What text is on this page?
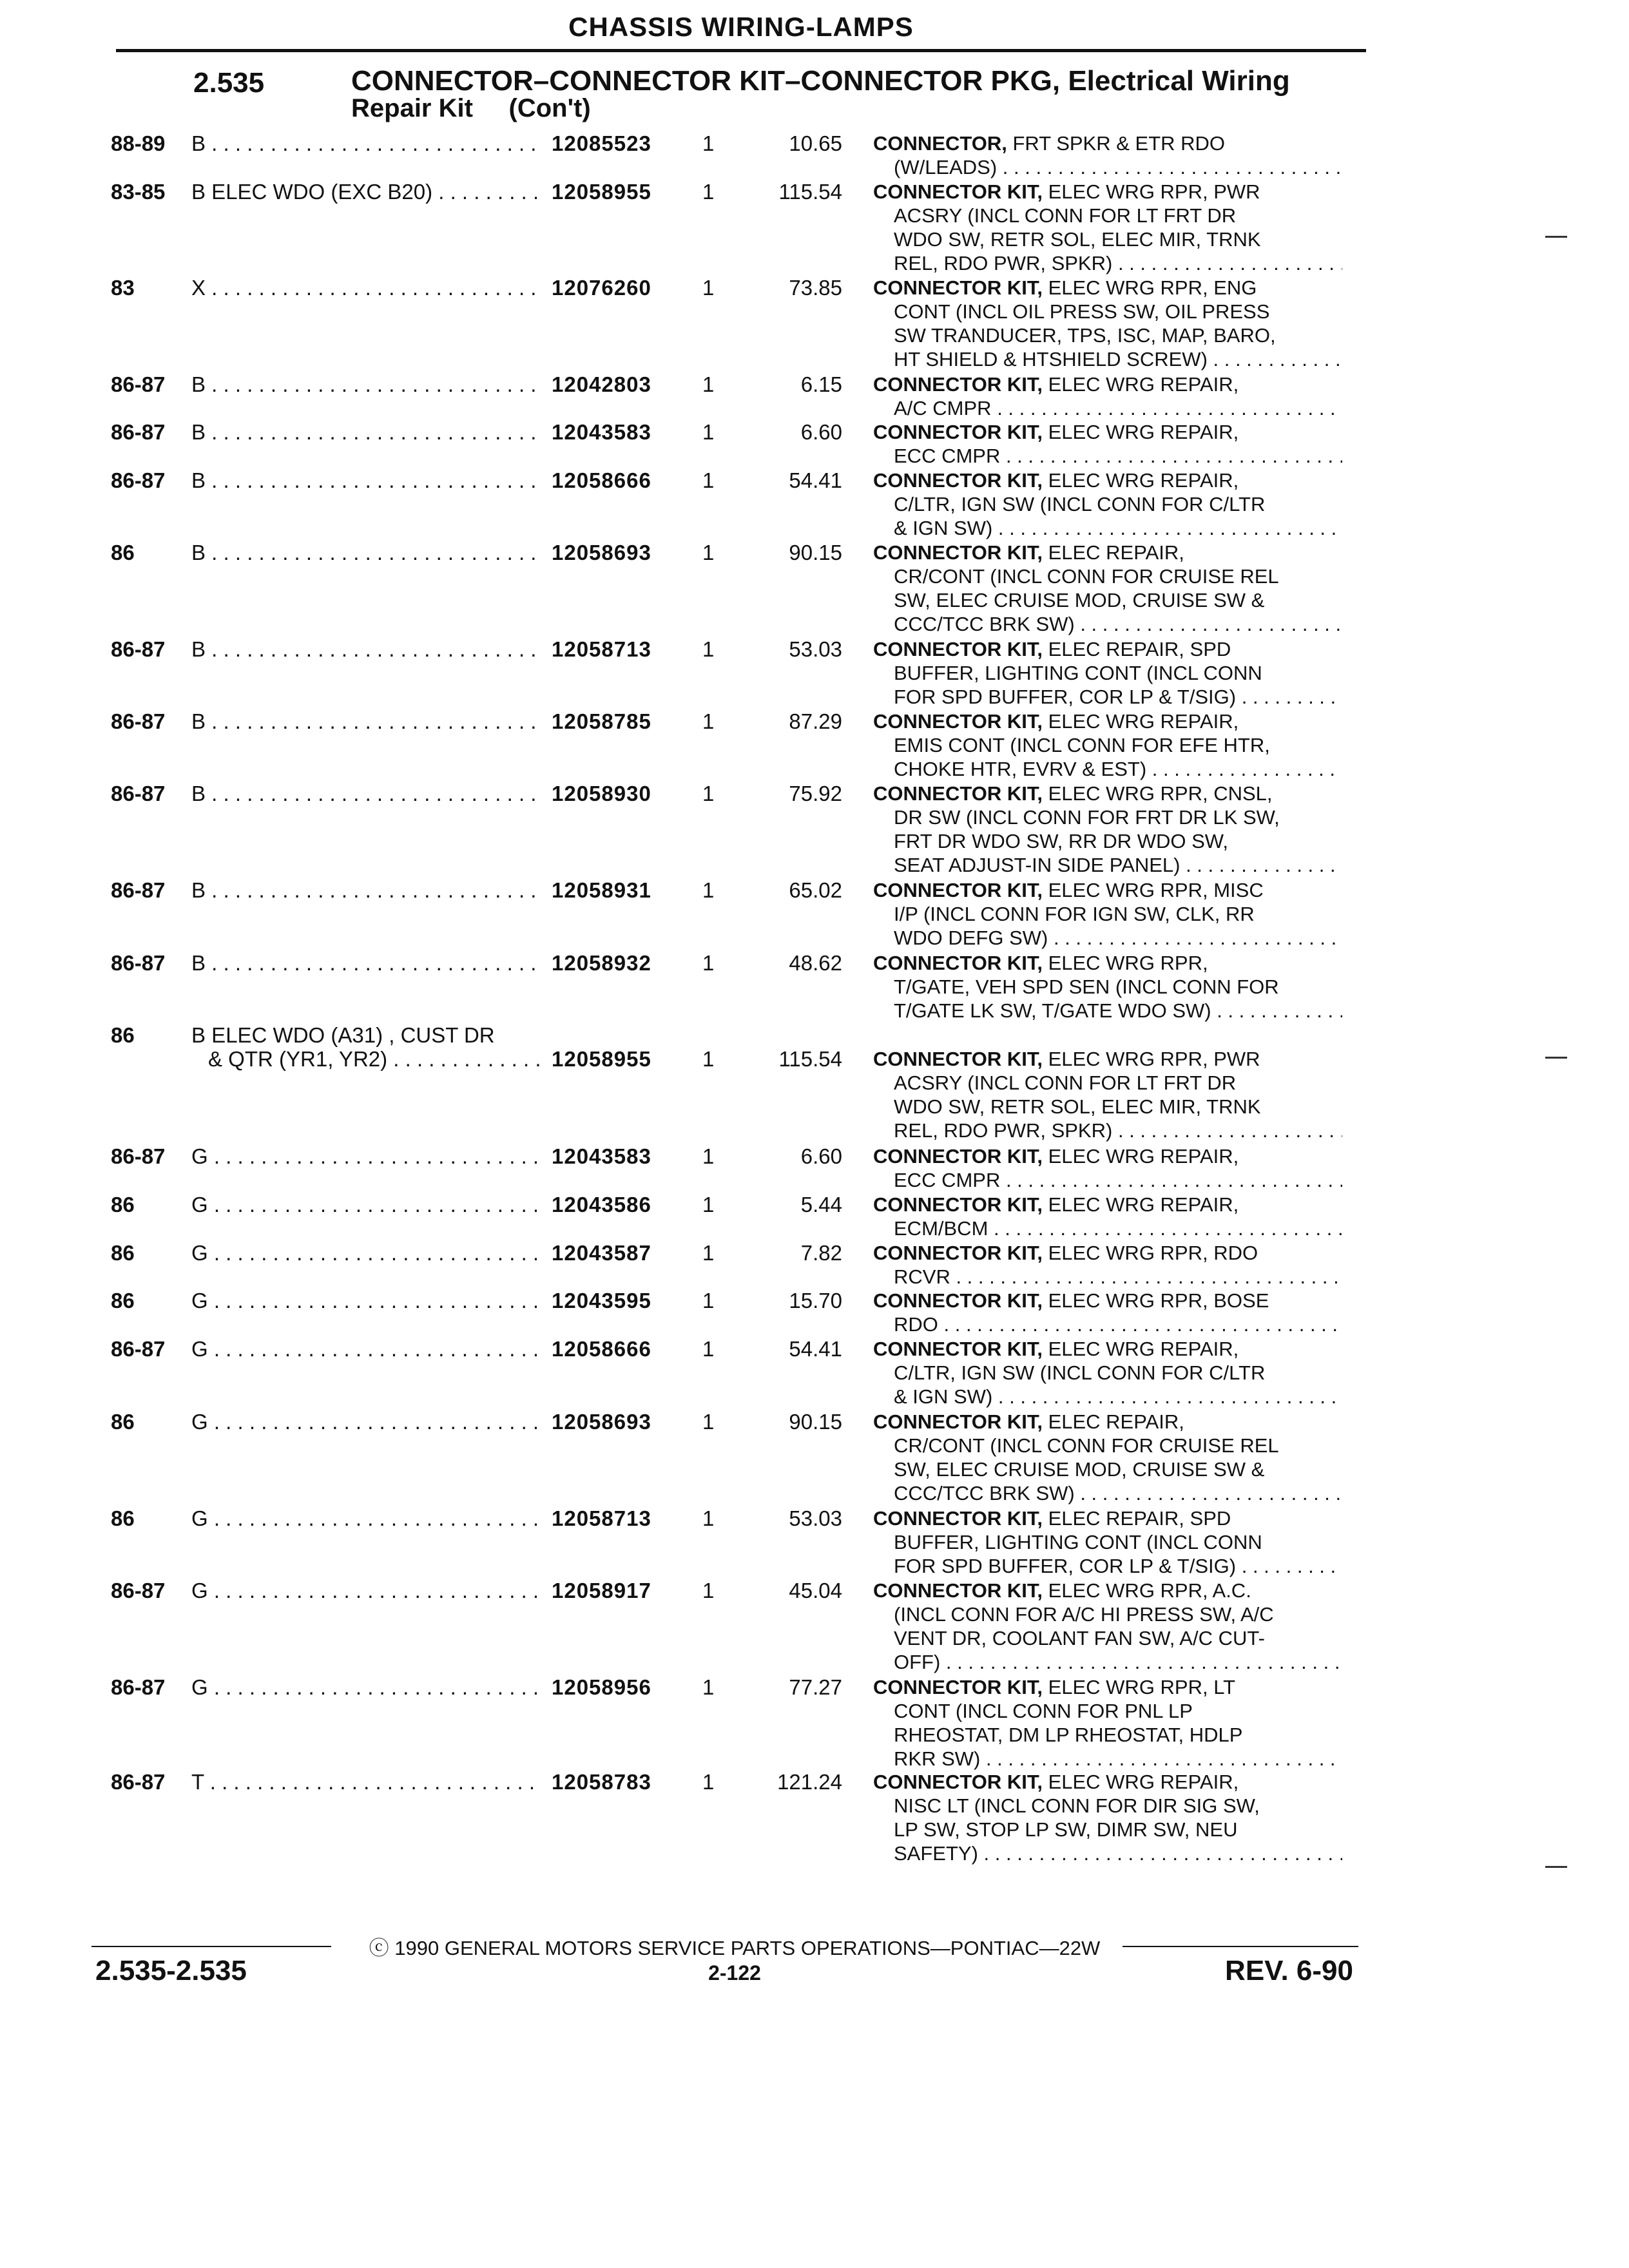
CHASSIS WIRING-LAMPS
2.535	CONNECTOR–CONNECTOR KIT–CONNECTOR PKG, Electrical Wiring
Repair Kit     (Con't)
88-89 B . . .	12085523 1	10.65 CONNECTOR, FRT SPKR & ETR RDO
(W/LEADS) . . .
83-85 B ELEC WDO (EXC B20) . . .	12058955 1	115.54 CONNECTOR KIT, ELEC WRG RPR, PWR
ACSRY (INCL CONN FOR LT FRT DR
WDO SW, RETR SOL, ELEC MIR, TRNK
REL, RDO PWR, SPKR) . . .
83	X . . .	12076260 1	73.85 CONNECTOR KIT, ELEC WRG RPR, ENG
CONT (INCL OIL PRESS SW, OIL PRESS
SW TRANDUCER, TPS, ISC, MAP, BARO,
HT SHIELD & HTSHIELD SCREW) . . .
86-87 B . . .	12042803 1	6.15 CONNECTOR KIT, ELEC WRG REPAIR,
A/C CMPR . . .
86-87 B . . .	12043583 1	6.60 CONNECTOR KIT, ELEC WRG REPAIR,
ECC CMPR . . .
86-87 B . . .	12058666 1	54.41 CONNECTOR KIT, ELEC WRG REPAIR,
C/LTR, IGN SW (INCL CONN FOR C/LTR
& IGN SW) . . .
86	B . . .	12058693 1	90.15 CONNECTOR KIT, ELEC REPAIR,
CR/CONT (INCL CONN FOR CRUISE REL
SW, ELEC CRUISE MOD, CRUISE SW &
CCC/TCC BRK SW) . . .
86-87 B . . .	12058713 1	53.03 CONNECTOR KIT, ELEC REPAIR, SPD
BUFFER, LIGHTING CONT (INCL CONN
FOR SPD BUFFER, COR LP & T/SIG) . . .
86-87 B . . .	12058785 1	87.29 CONNECTOR KIT, ELEC WRG REPAIR,
EMIS CONT (INCL CONN FOR EFE HTR,
CHOKE HTR, EVRV & EST) . . .
86-87 B . . .	12058930 1	75.92 CONNECTOR KIT, ELEC WRG RPR, CNSL,
DR SW (INCL CONN FOR FRT DR LK SW,
FRT DR WDO SW, RR DR WDO SW,
SEAT ADJUST-IN SIDE PANEL) . . .
86-87 B . . .	12058931 1	65.02 CONNECTOR KIT, ELEC WRG RPR, MISC
I/P (INCL CONN FOR IGN SW, CLK, RR
WDO DEFG SW) . . .
86-87 B . . .	12058932 1	48.62 CONNECTOR KIT, ELEC WRG RPR,
T/GATE, VEH SPD SEN (INCL CONN FOR
T/GATE LK SW, T/GATE WDO SW) . . .
86	B ELEC WDO (A31) , CUST DR
& QTR (YR1, YR2) . . .	12058955 1	115.54 CONNECTOR KIT, ELEC WRG RPR, PWR
ACSRY (INCL CONN FOR LT FRT DR
WDO SW, RETR SOL, ELEC MIR, TRNK
REL, RDO PWR, SPKR) . . .
86-87 G . . .	12043583 1	6.60 CONNECTOR KIT, ELEC WRG REPAIR,
ECC CMPR . . .
86	G . . .	12043586 1	5.44 CONNECTOR KIT, ELEC WRG REPAIR,
ECM/BCM . . .
86	G . . .	12043587 1	7.82 CONNECTOR KIT, ELEC WRG RPR, RDO
RCVR . . .
86	G . . .	12043595 1	15.70 CONNECTOR KIT, ELEC WRG RPR, BOSE
RDO . . .
86-87 G . . .	12058666 1	54.41 CONNECTOR KIT, ELEC WRG REPAIR,
C/LTR, IGN SW (INCL CONN FOR C/LTR
& IGN SW) . . .
86	G . . .	12058693 1	90.15 CONNECTOR KIT, ELEC REPAIR,
CR/CONT (INCL CONN FOR CRUISE REL
SW, ELEC CRUISE MOD, CRUISE SW &
CCC/TCC BRK SW) . . .
86	G . . .	12058713 1	53.03 CONNECTOR KIT, ELEC REPAIR, SPD
BUFFER, LIGHTING CONT (INCL CONN
FOR SPD BUFFER, COR LP & T/SIG) . . .
86-87 G . . .	12058917 1	45.04 CONNECTOR KIT, ELEC WRG RPR, A.C.
(INCL CONN FOR A/C HI PRESS SW, A/C
VENT DR, COOLANT FAN SW, A/C CUT-
OFF) . . .
86-87 G . . .	12058956 1	77.27 CONNECTOR KIT, ELEC WRG RPR, LT
CONT (INCL CONN FOR PNL LP
RHEOSTAT, DM LP RHEOSTAT, HDLP
RKR SW) . . .
86-87 T . . .	12058783 1	121.24 CONNECTOR KIT, ELEC WRG REPAIR,
NISC LT (INCL CONN FOR DIR SIG SW,
LP SW, STOP LP SW, DIMR SW, NEU
SAFETY) . . .
ⓒ 1990 GENERAL MOTORS SERVICE PARTS OPERATIONS—PONTIAC—22W
2.535-2.535	2-122	REV. 6-90
